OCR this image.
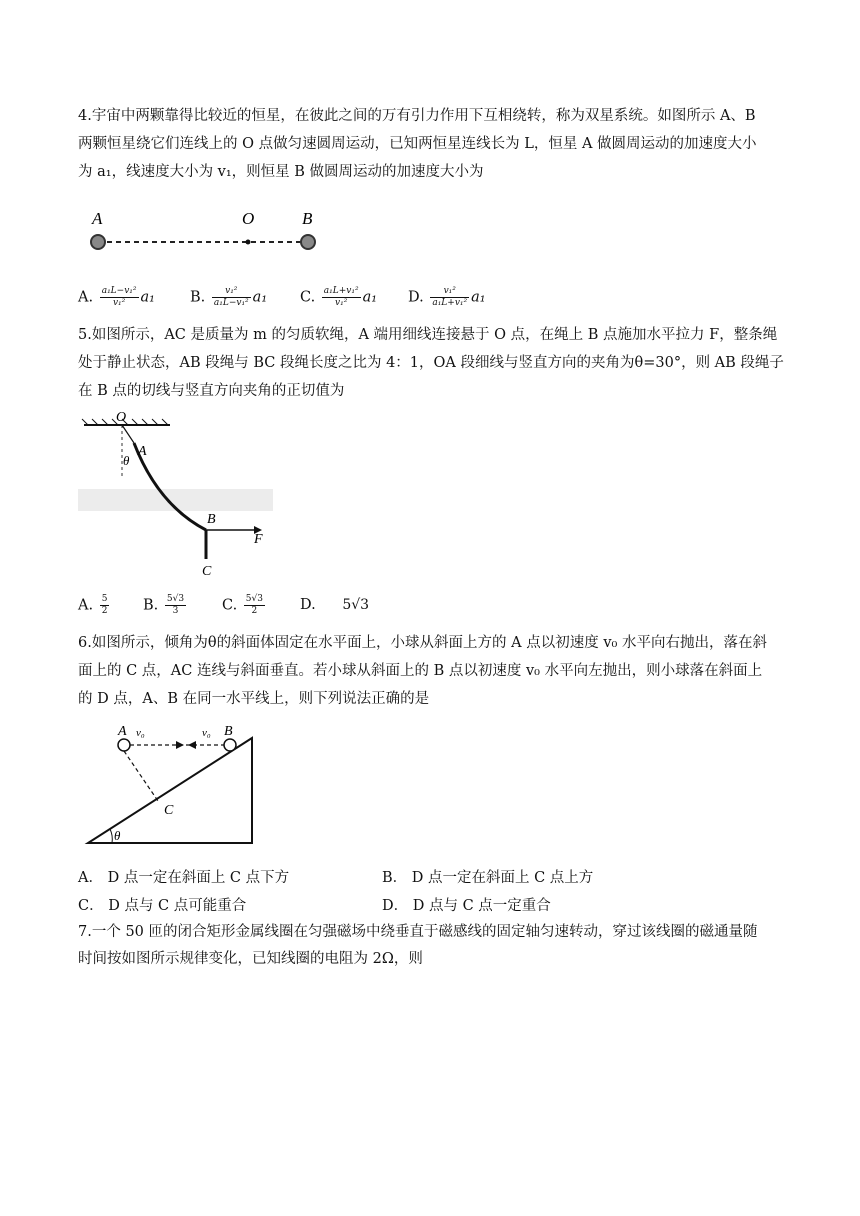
4.宇宙中两颗靠得比较近的恒星，在彼此之间的万有引力作用下互相绕转，称为双星系统。如图所示 A、B
两颗恒星绕它们连线上的 O 点做匀速圆周运动，已知两恒星连线长为 L，恒星 A 做圆周运动的加速度大小
为 a₁，线速度大小为 v₁，则恒星 B 做圆周运动的加速度大小为
A	O	B
A. $\frac{\text{a₁L−v₁²}}{\text{v₁²}} a_1$ B. $\frac{\text{v₁²}}{\text{a₁L−v₁²}} a_1$ C. $\frac{\text{a₁L+v₁²}}{\text{v₁²}} a_1$ D. $\frac{\text{v₁²}}{\text{a₁L+v₁²}} a_1$
5.如图所示，AC 是质量为 m 的匀质软绳，A 端用细线连接悬于 O 点，在绳上 B 点施加水平拉力 F，整条绳
处于静止状态，AB 段绳与 BC 段绳长度之比为 4：1，OA 段细线与竖直方向的夹角为θ=30°，则 AB 段绳子
在 B 点的切线与竖直方向夹角的正切值为
O
A
θ
B
F
C
A. $\frac{5}{2} B$. $\frac{5√3}{3} C$. $\frac{5√3}{2} D$. 5√3
6.如图所示，倾角为θ的斜面体固定在水平面上，小球从斜面上方的 A 点以初速度 v₀ 水平向右抛出，落在斜
面上的 C 点，AC 连线与斜面垂直。若小球从斜面上的 B 点以初速度 v₀ 水平向左抛出，则小球落在斜面上
的 D 点，A、B 在同一水平线上，则下列说法正确的是
A v₀	v₀ B
C
θ
A． D 点一定在斜面上 C 点下方	B． D 点一定在斜面上 C 点上方
C． D 点与 C 点可能重合	D． D 点与 C 点一定重合
7.一个 50 匝的闭合矩形金属线圈在匀强磁场中绕垂直于磁感线的固定轴匀速转动，穿过该线圈的磁通量随
时间按如图所示规律变化，已知线圈的电阻为 2Ω，则
